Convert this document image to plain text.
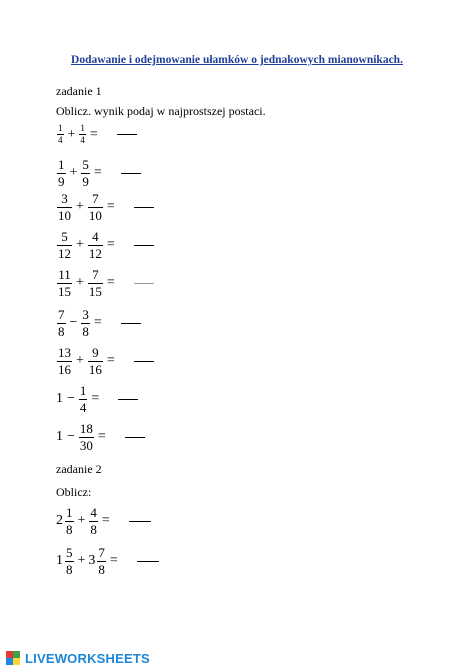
Dodawanie i odejmowanie ułamków o jednakowych mianownikach.
zadanie 1
Oblicz. wynik podaj w najprostszej postaci.
$\frac{1}{4} + \frac{1}{4}$ =
$\frac{1}{9} + \frac{5}{9}$ =
$\frac{3}{10} + \frac{7}{10}$ =
$\frac{5}{12} + \frac{4}{12}$ =
$\frac{11}{15} + \frac{7}{15}$ =
$\frac{7}{8} - \frac{3}{8}$ =
$\frac{13}{16} + \frac{9}{16}$ =
$1 - \frac{1}{4}$ =
$1 - \frac{18}{30}$ =
zadanie 2
Oblicz:
$2 \frac{1}{8} + \frac{4}{8}$ =
$1 \frac{5}{8} + 3 \frac{7}{8}$ =
LIVEWORKSHEETS
